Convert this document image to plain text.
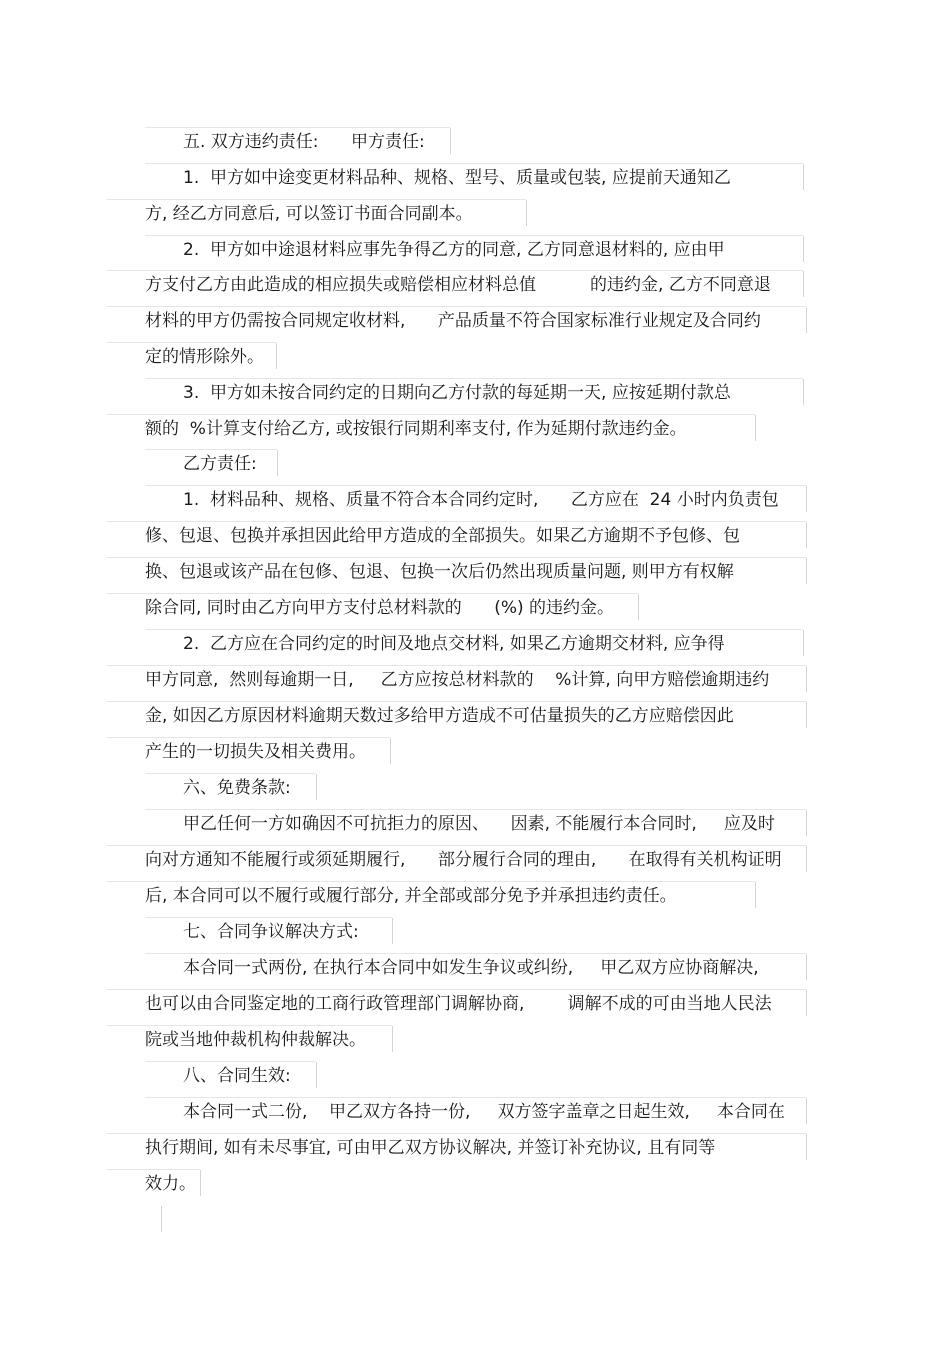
五. 双方违约责任:      甲方责任:
1.  甲方如中途变更材料品种、规格、型号、质量或包装, 应提前天通知乙
方, 经乙方同意后, 可以签订书面合同副本。
2.  甲方如中途退材料应事先争得乙方的同意, 乙方同意退材料的, 应由甲
方支付乙方由此造成的相应损失或赔偿相应材料总值          的违约金, 乙方不同意退
材料的甲方仍需按合同规定收材料,      产品质量不符合国家标准行业规定及合同约
定的情形除外。
3.  甲方如未按合同约定的日期向乙方付款的每延期一天, 应按延期付款总
额的  %计算支付给乙方, 或按银行同期利率支付, 作为延期付款违约金。
乙方责任:
1.  材料品种、规格、质量不符合本合同约定时,      乙方应在  24 小时内负责包
修、包退、包换并承担因此给甲方造成的全部损失。如果乙方逾期不予包修、包
换、包退或该产品在包修、包退、包换一次后仍然出现质量问题, 则甲方有权解
除合同, 同时由乙方向甲方支付总材料款的      (%) 的违约金。
2.  乙方应在合同约定的时间及地点交材料, 如果乙方逾期交材料, 应争得
甲方同意,  然则每逾期一日,     乙方应按总材料款的    %计算, 向甲方赔偿逾期违约
金, 如因乙方原因材料逾期天数过多给甲方造成不可估量损失的乙方应赔偿因此
产生的一切损失及相关费用。
六、免费条款:
甲乙任何一方如确因不可抗拒力的原因、    因素, 不能履行本合同时,     应及时
向对方通知不能履行或须延期履行,      部分履行合同的理由,      在取得有关机构证明
后, 本合同可以不履行或履行部分, 并全部或部分免予并承担违约责任。
七、合同争议解决方式:
本合同一式两份, 在执行本合同中如发生争议或纠纷,     甲乙双方应协商解决,
也可以由合同鉴定地的工商行政管理部门调解协商,        调解不成的可由当地人民法
院或当地仲裁机构仲裁解决。
八、合同生效:
本合同一式二份,    甲乙双方各持一份,     双方签字盖章之日起生效,     本合同在
执行期间, 如有未尽事宜, 可由甲乙双方协议解决, 并签订补充协议, 且有同等
效力。
